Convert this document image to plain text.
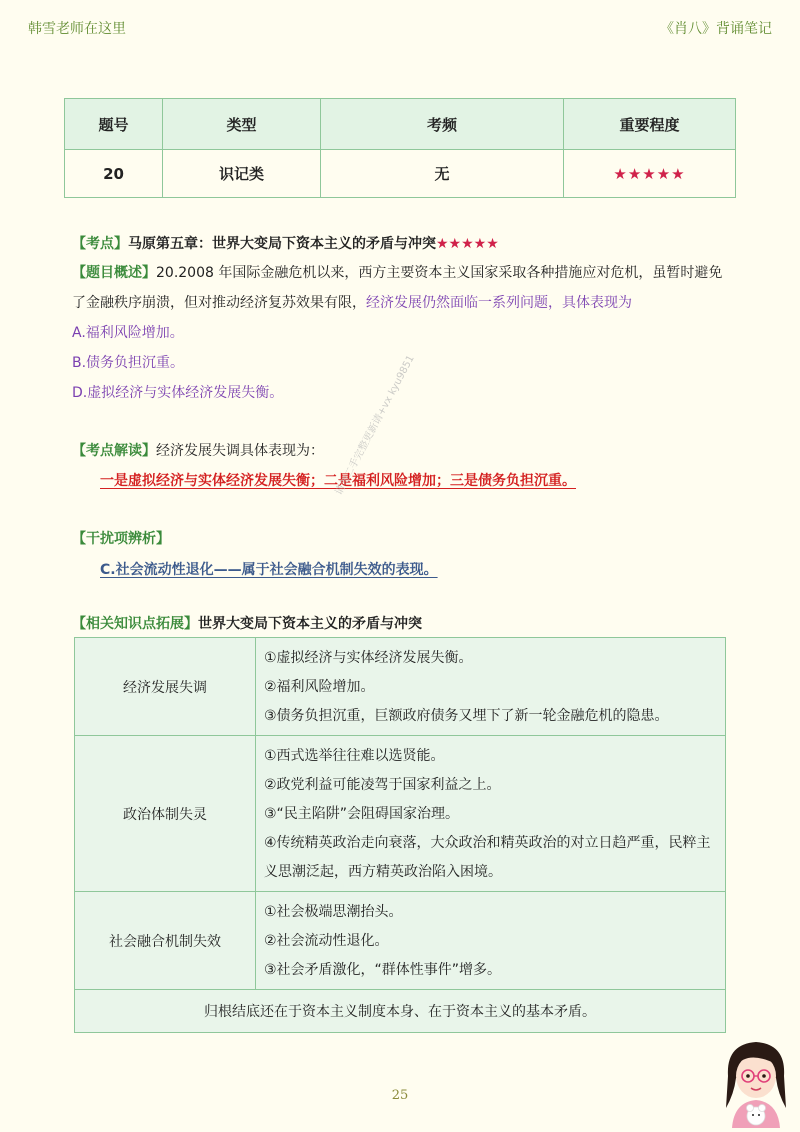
韩雪老师在这里	《肖八》背诵笔记
题号	类型	考频	重要程度
20	识记类	无	★★★★★
【考点】马原第五章：世界大变局下资本主义的矛盾与冲突★★★★★
【题目概述】20.2008 年国际金融危机以来，西方主要资本主义国家采取各种措施应对危机，虽暂时避免了金融秩序崩溃，但对推动经济复苏效果有限，经济发展仍然面临一系列问题，具体表现为
A.福利风险增加。
B.债务负担沉重。
D.虚拟经济与实体经济发展失衡。
【考点解读】经济发展失调具体表现为：
一是虚拟经济与实体经济发展失衡；二是福利风险增加；三是债务负担沉重。
【干扰项辨析】
C.社会流动性退化——属于社会融合机制失效的表现。
【相关知识点拓展】世界大变局下资本主义的矛盾与冲突
经济发展失调	①虚拟经济与实体经济发展失衡。
②福利风险增加。
③债务负担沉重，巨额政府债务又埋下了新一轮金融危机的隐患。

政治体制失灵	①西式选举往往难以选贤能。
②政党利益可能凌驾于国家利益之上。
③“民主陷阱”会阻碍国家治理。
④传统精英政治走向衰落，大众政治和精英政治的对立日趋严重，民粹主义思潮泛起，西方精英政治陷入困境。

社会融合机制失效	①社会极端思潮抬头。
②社会流动性退化。
③社会矛盾激化，“群体性事件”增多。

归根结底还在于资本主义制度本身、在于资本主义的基本矛盾。	
请勿二手完整更新请+vx kyu9851
25
